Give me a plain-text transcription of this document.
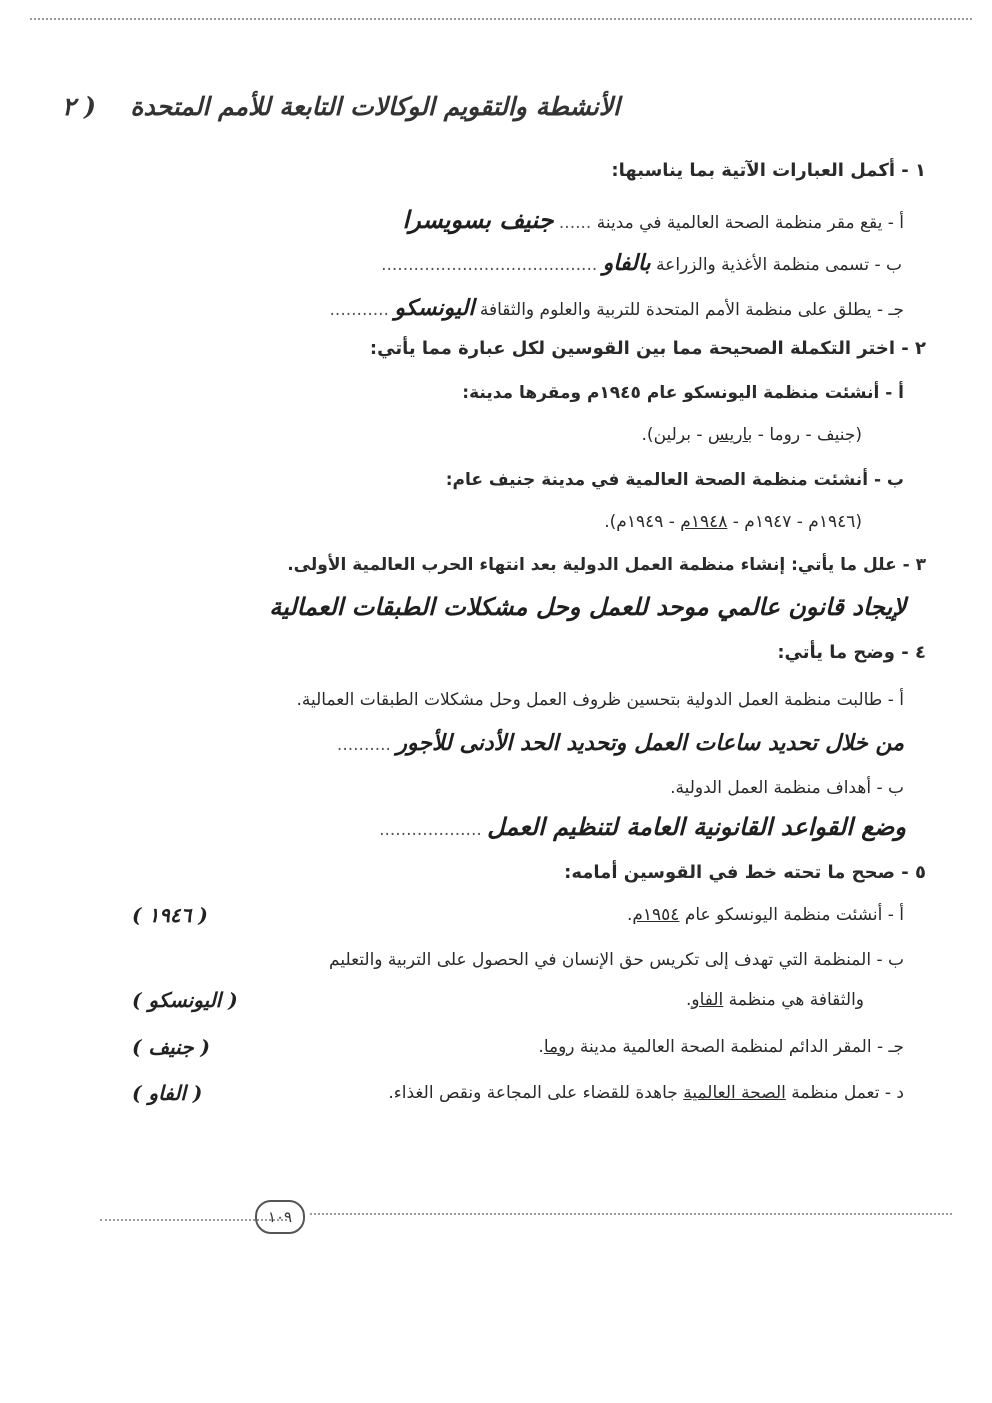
الأنشطة والتقويم الوكالات التابعة للأمم المتحدة
( ٢
١ - أكمل العبارات الآتية بما يناسبها:
أ - يقع مقر منظمة الصحة العالمية في مدينة ...... جنيف بسويسرا
ب - تسمى منظمة الأغذية والزراعة بالفاو ........................................
جـ - يطلق على منظمة الأمم المتحدة للتربية والعلوم والثقافة اليونسكو ...........
٢ - اختر التكملة الصحيحة مما بين القوسين لكل عبارة مما يأتي:
أ - أنشئت منظمة اليونسكو عام ١٩٤٥م ومقرها مدينة:
(جنيف - روما - باريس - برلين).
ب - أنشئت منظمة الصحة العالمية في مدينة جنيف عام:
(١٩٤٦م - ١٩٤٧م - ١٩٤٨م - ١٩٤٩م).
٣ - علل ما يأتي: إنشاء منظمة العمل الدولية بعد انتهاء الحرب العالمية الأولى.
لإيجاد قانون عالمي موحد للعمل وحل مشكلات الطبقات العمالية
٤ - وضح ما يأتي:
أ - طالبت منظمة العمل الدولية بتحسين ظروف العمل وحل مشكلات الطبقات العمالية.
من خلال تحديد ساعات العمل وتحديد الحد الأدنى للأجور ..........
ب - أهداف منظمة العمل الدولية.
وضع القواعد القانونية العامة لتنظيم العمل ...................
٥ - صحح ما تحته خط في القوسين أمامه:
أ - أنشئت منظمة اليونسكو عام ١٩٥٤م.
( ١٩٤٦ )
ب - المنظمة التي تهدف إلى تكريس حق الإنسان في الحصول على التربية والتعليم
والثقافة هي منظمة الفاو.
( اليونسكو )
جـ - المقر الدائم لمنظمة الصحة العالمية مدينة روما.
( جنيف )
د - تعمل منظمة الصحة العالمية جاهدة للقضاء على المجاعة ونقص الغذاء.
( الفاو )
١٠٩
